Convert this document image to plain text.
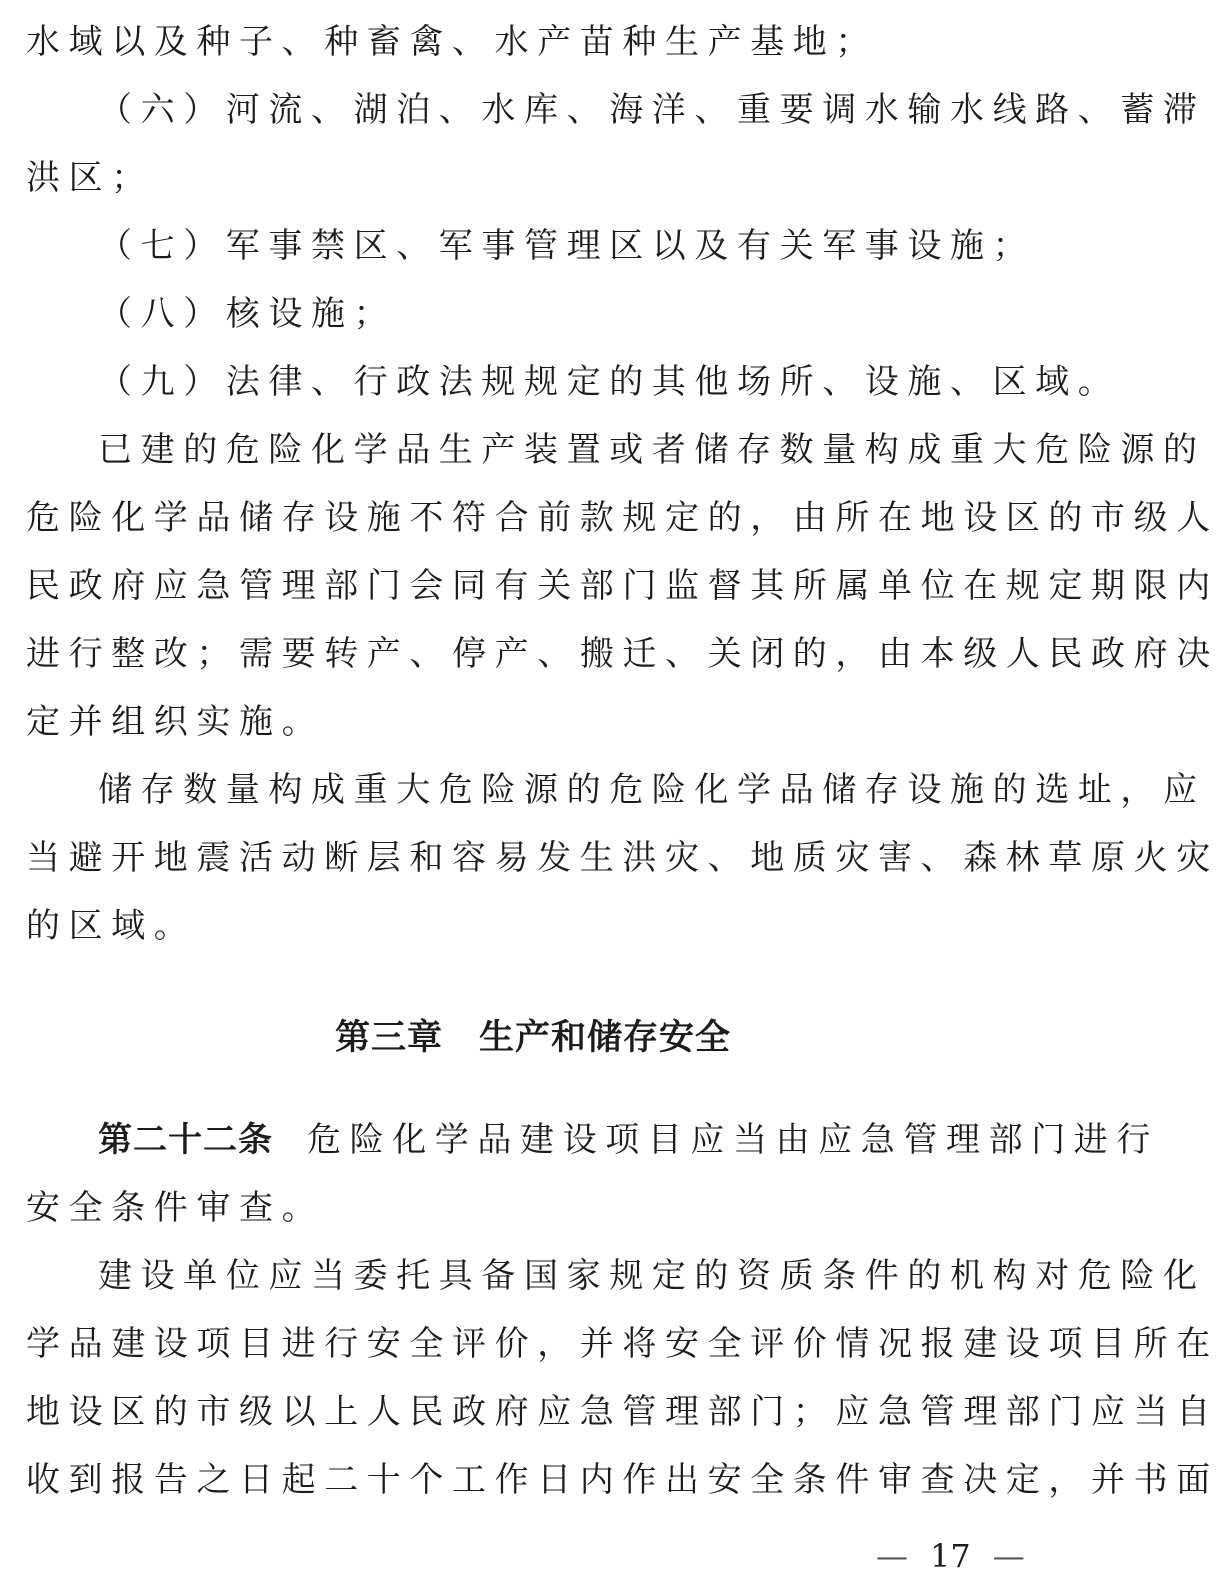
水域以及种子、种畜禽、水产苗种生产基地；
（六）河流、湖泊、水库、海洋、重要调水输水线路、蓄滞
洪区；
（七）军事禁区、军事管理区以及有关军事设施；
（八）核设施；
（九）法律、行政法规规定的其他场所、设施、区域。
已建的危险化学品生产装置或者储存数量构成重大危险源的
危险化学品储存设施不符合前款规定的，由所在地设区的市级人
民政府应急管理部门会同有关部门监督其所属单位在规定期限内
进行整改；需要转产、停产、搬迁、关闭的，由本级人民政府决
定并组织实施。
储存数量构成重大危险源的危险化学品储存设施的选址，应
当避开地震活动断层和容易发生洪灾、地质灾害、森林草原火灾
的区域。
第三章　生产和储存安全
第二十二条 危险化学品建设项目应当由应急管理部门进行
安全条件审查。
建设单位应当委托具备国家规定的资质条件的机构对危险化
学品建设项目进行安全评价，并将安全评价情况报建设项目所在
地设区的市级以上人民政府应急管理部门；应急管理部门应当自
收到报告之日起二十个工作日内作出安全条件审查决定，并书面
— 17 —
